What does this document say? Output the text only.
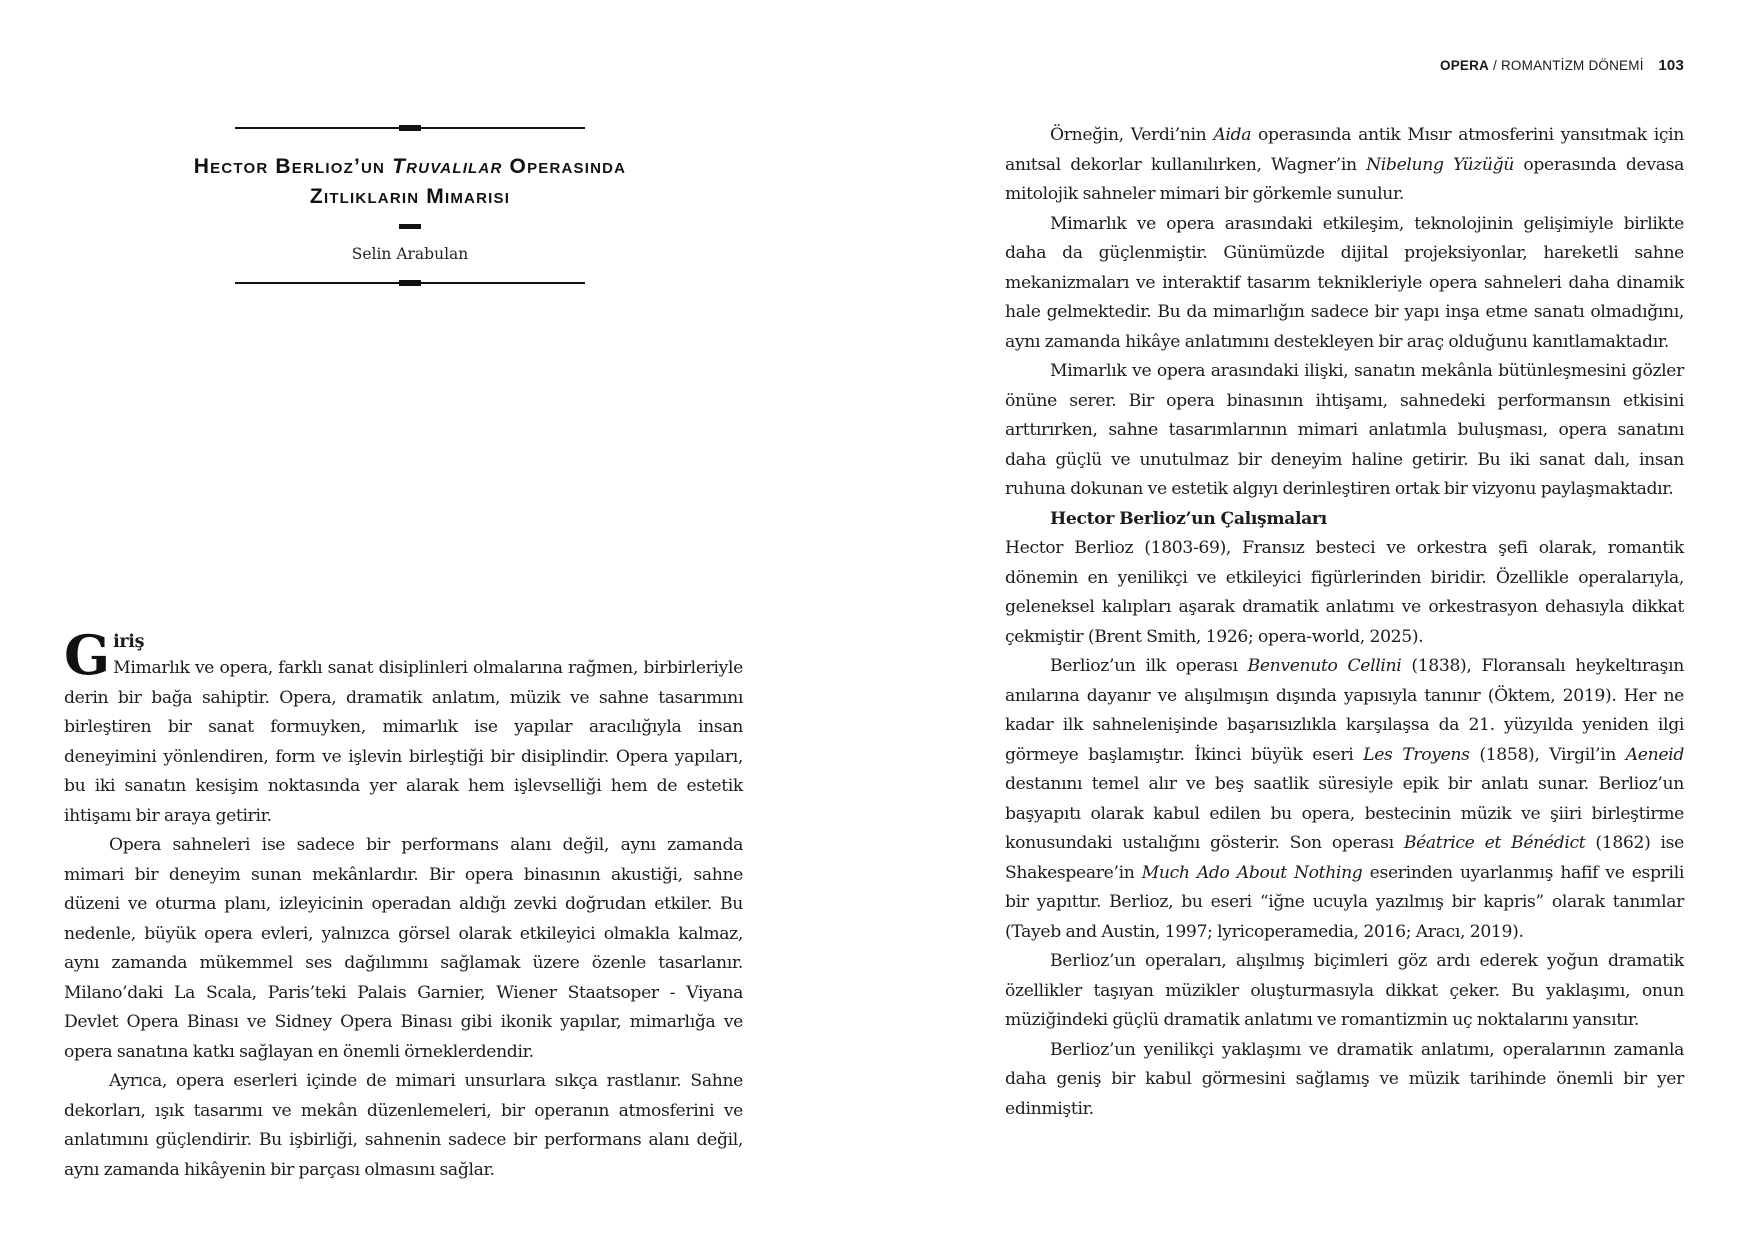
Hector Berlioz’un Truvalılar Operasında
Zıtlıkların Mimarisi
Selin Arabulan
G iriş

Mimarlık ve opera, farklı sanat disiplinleri olmalarına rağmen, birbirleriyle derin bir bağa sahiptir. Opera, dramatik anlatım, müzik ve sahne tasarımını birleştiren bir sanat formuyken, mimarlık ise yapılar aracılığıyla insan deneyimini yönlendiren, form ve işlevin birleştiği bir disiplindir. Opera yapıları, bu iki sanatın kesişim noktasında yer alarak hem işlevselliği hem de estetik ihtişamı bir araya getirir.

Opera sahneleri ise sadece bir performans alanı değil, aynı zamanda mimari bir deneyim sunan mekânlardır. Bir opera binasının akustiği, sahne düzeni ve oturma planı, izleyicinin operadan aldığı zevki doğrudan etkiler. Bu nedenle, büyük opera evleri, yalnızca görsel olarak etkileyici olmakla kalmaz, aynı zamanda mükemmel ses dağılımını sağlamak üzere özenle tasarlanır. Milano’daki La Scala, Paris’teki Palais Garnier, Wiener Staatsoper - Viyana Devlet Opera Binası ve Sidney Opera Binası gibi ikonik yapılar, mimarlığa ve opera sanatına katkı sağlayan en önemli örneklerdendir.

Ayrıca, opera eserleri içinde de mimari unsurlara sıkça rastlanır. Sahne dekorları, ışık tasarımı ve mekân düzenlemeleri, bir operanın atmosferini ve anlatımını güçlendirir. Bu işbirliği, sahnenin sadece bir performans alanı değil, aynı zamanda hikâyenin bir parçası olmasını sağlar.

OPERA / ROMANTİZM DÖNEMİ 103

Örneğin, Verdi’nin Aida operasında antik Mısır atmosferini yansıtmak için anıtsal dekorlar kullanılırken, Wagner’in Nibelung Yüzüğü operasında devasa mitolojik sahneler mimari bir görkemle sunulur.

Mimarlık ve opera arasındaki etkileşim, teknolojinin gelişimiyle birlikte daha da güçlenmiştir. Günümüzde dijital projeksiyonlar, hareketli sahne mekanizmaları ve interaktif tasarım teknikleriyle opera sahneleri daha dinamik hale gelmektedir. Bu da mimarlığın sadece bir yapı inşa etme sanatı olmadığını, aynı zamanda hikâye anlatımını destekleyen bir araç olduğunu kanıtlamaktadır.

Mimarlık ve opera arasındaki ilişki, sanatın mekânla bütünleşmesini gözler önüne serer. Bir opera binasının ihtişamı, sahnedeki performansın etkisini arttırırken, sahne tasarımlarının mimari anlatımla buluşması, opera sanatını daha güçlü ve unutulmaz bir deneyim haline getirir. Bu iki sanat dalı, insan ruhuna dokunan ve estetik algıyı derinleştiren ortak bir vizyonu paylaşmaktadır.

Hector Berlioz’un Çalışmaları

Hector Berlioz (1803-69), Fransız besteci ve orkestra şefi olarak, romantik dönemin en yenilikçi ve etkileyici figürlerinden biridir. Özellikle operalarıyla, geleneksel kalıpları aşarak dramatik anlatımı ve orkestrasyon dehasıyla dikkat çekmiştir (Brent Smith, 1926; opera-world, 2025).

Berlioz’un ilk operası Benvenuto Cellini (1838), Floransalı heykeltıraşın anılarına dayanır ve alışılmışın dışında yapısıyla tanınır (Öktem, 2019). Her ne kadar ilk sahnelenişinde başarısızlıkla karşılaşsa da 21. yüzyılda yeniden ilgi görmeye başlamıştır. İkinci büyük eseri Les Troyens (1858), Virgil’in Aeneid destanını temel alır ve beş saatlik süresiyle epik bir anlatı sunar. Berlioz’un başyapıtı olarak kabul edilen bu opera, bestecinin müzik ve şiiri birleştirme konusundaki ustalığını gösterir. Son operası Béatrice et Bénédict (1862) ise Shakespeare’in Much Ado About Nothing eserinden uyarlanmış hafif ve esprili bir yapıttır. Berlioz, bu eseri “iğne ucuyla yazılmış bir kapris” olarak tanımlar (Tayeb and Austin, 1997; lyricoperamedia, 2016; Aracı, 2019).

Berlioz’un operaları, alışılmış biçimleri göz ardı ederek yoğun dramatik özellikler taşıyan müzikler oluşturmasıyla dikkat çeker. Bu yaklaşımı, onun müziğindeki güçlü dramatik anlatımı ve romantizmin uç noktalarını yansıtır.

Berlioz’un yenilikçi yaklaşımı ve dramatik anlatımı, operalarının zamanla daha geniş bir kabul görmesini sağlamış ve müzik tarihinde önemli bir yer edinmiştir.
